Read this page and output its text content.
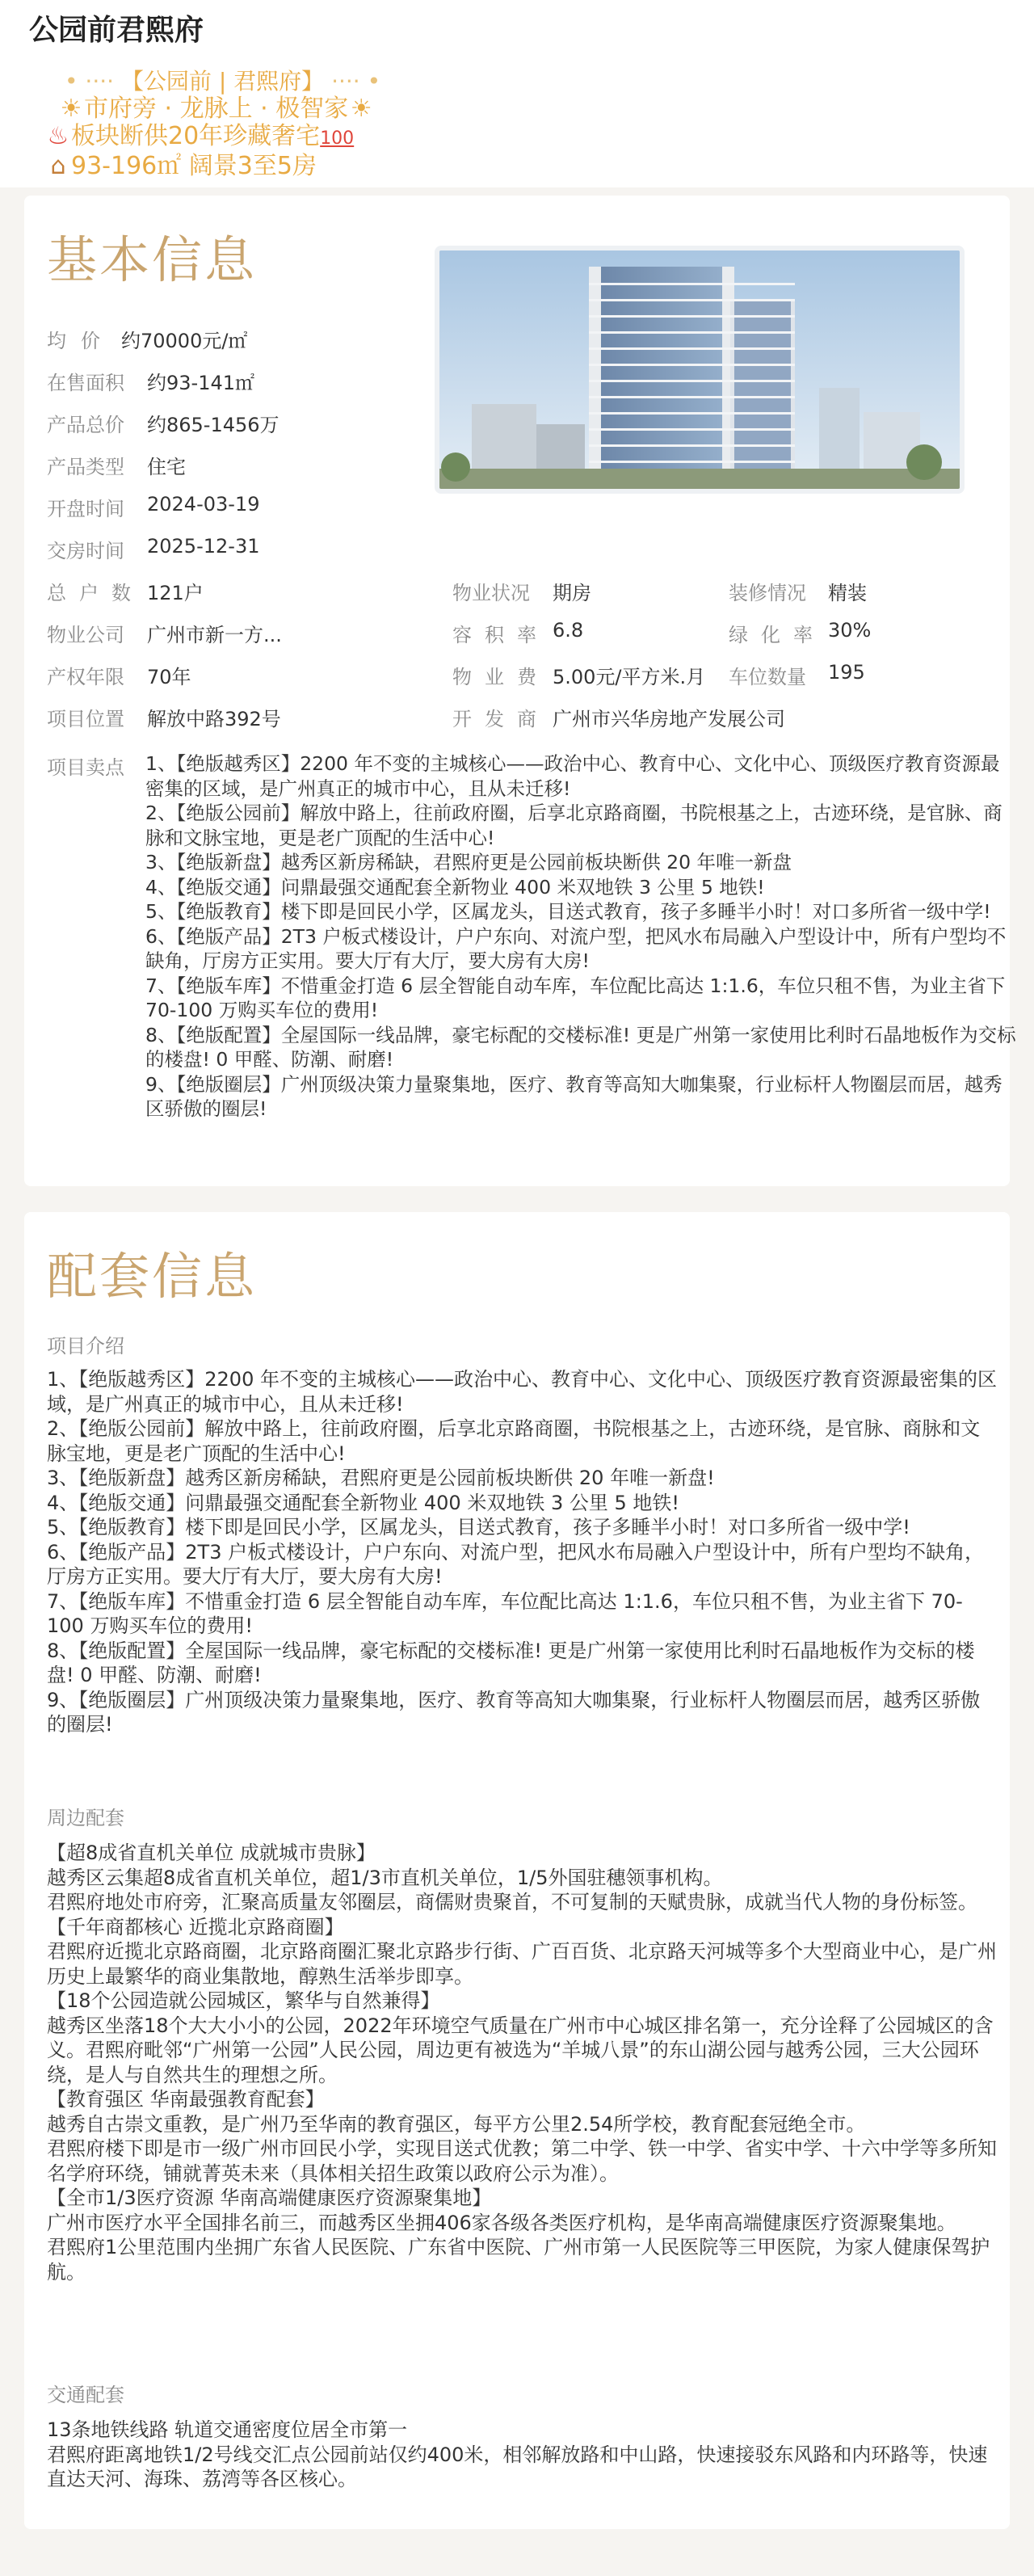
公园前君熙府
• ···· 【公园前 | 君熙府】 ···· •
☀市府旁 · 龙脉上 · 极智家☀
♨板块断供20年珍藏奢宅100
⌂ 93-196㎡ 阔景3至5房
基本信息
均价 约70000元/㎡
在售面积 约93-141㎡
产品总价 约865-1456万
产品类型 住宅
开盘时间 2024-03-19
交房时间 2025-12-31
总户数 121户	物业状况 期房	装修情况 精装
物业公司 广州市新一方...	容积率 6.8	绿化率 30%
产权年限 70年	物业费 5.00元/平方米.月 车位数量 195
项目位置 解放中路392号	开发商 广州市兴华房地产发展公司
项目卖点 1、【绝版越秀区】2200 年不变的主城核心——政治中心、教育中心、文化中心、顶级医疗教育资源最密集的区域，是广州真正的城市中心，且从未迁移!
2、【绝版公园前】解放中路上，往前政府圈，后享北京路商圈，书院根基之上，古迹环绕，是官脉、商脉和文脉宝地，更是老广顶配的生活中心!
3、【绝版新盘】越秀区新房稀缺，君熙府更是公园前板块断供 20 年唯一新盘
4、【绝版交通】问鼎最强交通配套全新物业 400 米双地铁 3 公里 5 地铁!
5、【绝版教育】楼下即是回民小学，区属龙头，目送式教育，孩子多睡半小时！对口多所省一级中学!
6、【绝版产品】2T3 户板式楼设计，户户东向、对流户型，把风水布局融入户型设计中，所有户型均不缺角，厅房方正实用。要大厅有大厅，要大房有大房!
7、【绝版车库】不惜重金打造 6 层全智能自动车库，车位配比高达 1:1.6，车位只租不售，为业主省下 70-100 万购买车位的费用!
8、【绝版配置】全屋国际一线品牌，豪宅标配的交楼标准! 更是广州第一家使用比利时石晶地板作为交标的楼盘! 0 甲醛、防潮、耐磨!
9、【绝版圈层】广州顶级决策力量聚集地，医疗、教育等高知大咖集聚，行业标杆人物圈层而居，越秀区骄傲的圈层!
配套信息
项目介绍
1、【绝版越秀区】2200 年不变的主城核心——政治中心、教育中心、文化中心、顶级医疗教育资源最密集的区域，是广州真正的城市中心，且从未迁移!
2、【绝版公园前】解放中路上，往前政府圈，后享北京路商圈，书院根基之上，古迹环绕，是官脉、商脉和文脉宝地，更是老广顶配的生活中心!
3、【绝版新盘】越秀区新房稀缺，君熙府更是公园前板块断供 20 年唯一新盘!
4、【绝版交通】问鼎最强交通配套全新物业 400 米双地铁 3 公里 5 地铁!
5、【绝版教育】楼下即是回民小学，区属龙头，目送式教育，孩子多睡半小时！对口多所省一级中学!
6、【绝版产品】2T3 户板式楼设计，户户东向、对流户型，把风水布局融入户型设计中，所有户型均不缺角，厅房方正实用。要大厅有大厅，要大房有大房!
7、【绝版车库】不惜重金打造 6 层全智能自动车库，车位配比高达 1:1.6，车位只租不售，为业主省下 70-100 万购买车位的费用!
8、【绝版配置】全屋国际一线品牌，豪宅标配的交楼标准! 更是广州第一家使用比利时石晶地板作为交标的楼盘! 0 甲醛、防潮、耐磨!
9、【绝版圈层】广州顶级决策力量聚集地，医疗、教育等高知大咖集聚，行业标杆人物圈层而居，越秀区骄傲的圈层!
周边配套
【超8成省直机关单位 成就城市贵脉】
越秀区云集超8成省直机关单位，超1/3市直机关单位，1/5外国驻穗领事机构。
君熙府地处市府旁，汇聚高质量友邻圈层，商儒财贵聚首，不可复制的天赋贵脉，成就当代人物的身份标签。
【千年商都核心 近揽北京路商圈】
君熙府近揽北京路商圈，北京路商圈汇聚北京路步行街、广百百货、北京路天河城等多个大型商业中心，是广州历史上最繁华的商业集散地，醇熟生活举步即享。
【18个公园造就公园城区，繁华与自然兼得】
越秀区坐落18个大大小小的公园，2022年环境空气质量在广州市中心城区排名第一，充分诠释了公园城区的含义。君熙府毗邻“广州第一公园”人民公园，周边更有被选为“羊城八景”的东山湖公园与越秀公园，三大公园环绕，是人与自然共生的理想之所。
【教育强区 华南最强教育配套】
越秀自古崇文重教，是广州乃至华南的教育强区，每平方公里2.54所学校，教育配套冠绝全市。
君熙府楼下即是市一级广州市回民小学，实现目送式优教；第二中学、铁一中学、省实中学、十六中学等多所知名学府环绕，铺就菁英未来（具体相关招生政策以政府公示为准）。
【全市1/3医疗资源 华南高端健康医疗资源聚集地】
广州市医疗水平全国排名前三，而越秀区坐拥406家各级各类医疗机构，是华南高端健康医疗资源聚集地。
君熙府1公里范围内坐拥广东省人民医院、广东省中医院、广州市第一人民医院等三甲医院，为家人健康保驾护航。
交通配套
13条地铁线路 轨道交通密度位居全市第一
君熙府距离地铁1/2号线交汇点公园前站仅约400米，相邻解放路和中山路，快速接驳东风路和内环路等，快速直达天河、海珠、荔湾等各区核心。
